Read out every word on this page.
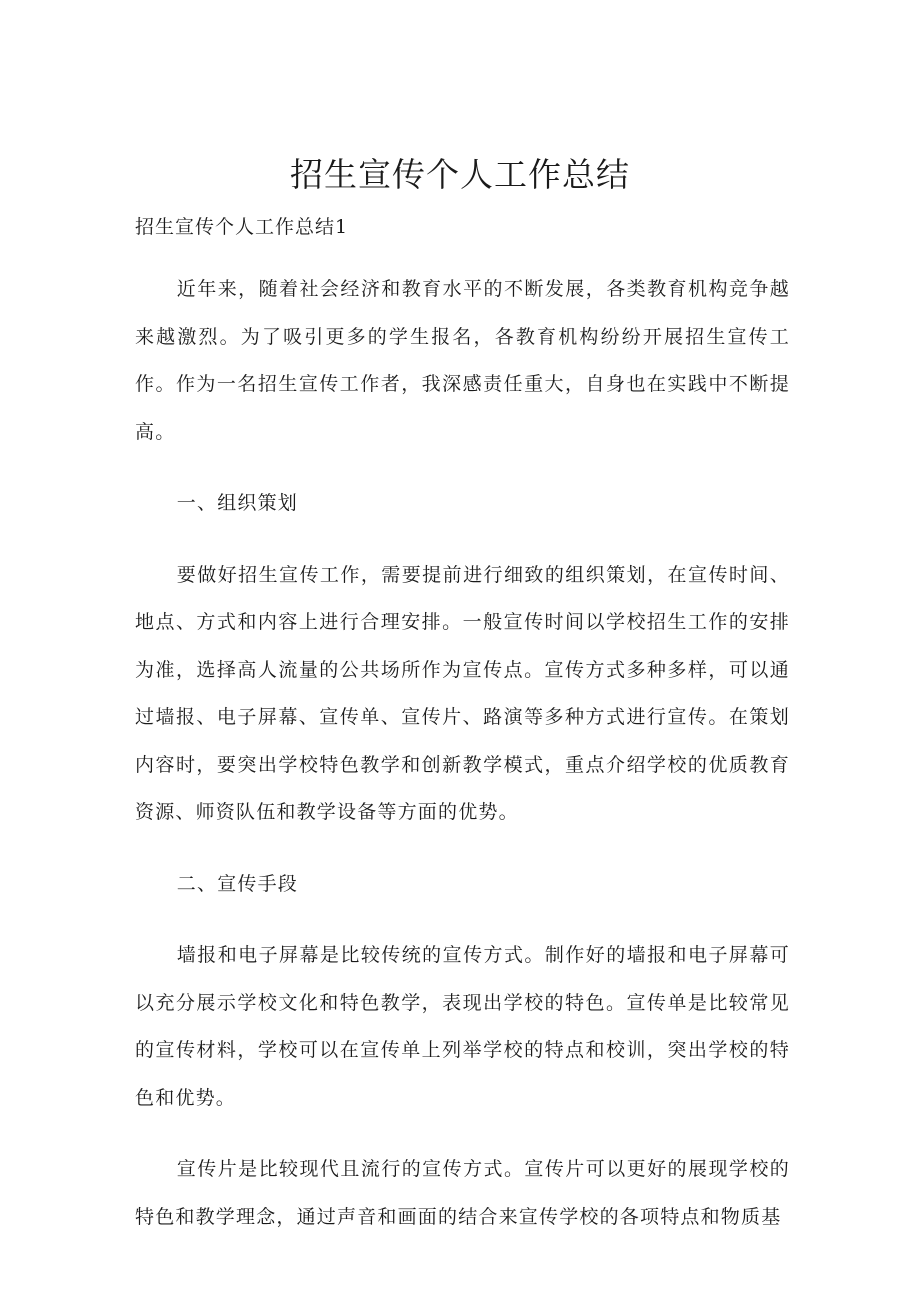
招生宣传个人工作总结

招生宣传个人工作总结1

近年来，随着社会经济和教育水平的不断发展，各类教育机构竞争越来越激烈。为了吸引更多的学生报名，各教育机构纷纷开展招生宣传工作。作为一名招生宣传工作者，我深感责任重大，自身也在实践中不断提高。

一、组织策划

要做好招生宣传工作，需要提前进行细致的组织策划，在宣传时间、地点、方式和内容上进行合理安排。一般宣传时间以学校招生工作的安排为准，选择高人流量的公共场所作为宣传点。宣传方式多种多样，可以通过墙报、电子屏幕、宣传单、宣传片、路演等多种方式进行宣传。在策划内容时，要突出学校特色教学和创新教学模式，重点介绍学校的优质教育资源、师资队伍和教学设备等方面的优势。

二、宣传手段

墙报和电子屏幕是比较传统的宣传方式。制作好的墙报和电子屏幕可以充分展示学校文化和特色教学，表现出学校的特色。宣传单是比较常见的宣传材料，学校可以在宣传单上列举学校的特点和校训，突出学校的特色和优势。

宣传片是比较现代且流行的宣传方式。宣传片可以更好的展现学校的特色和教学理念，通过声音和画面的结合来宣传学校的各项特点和物质基
